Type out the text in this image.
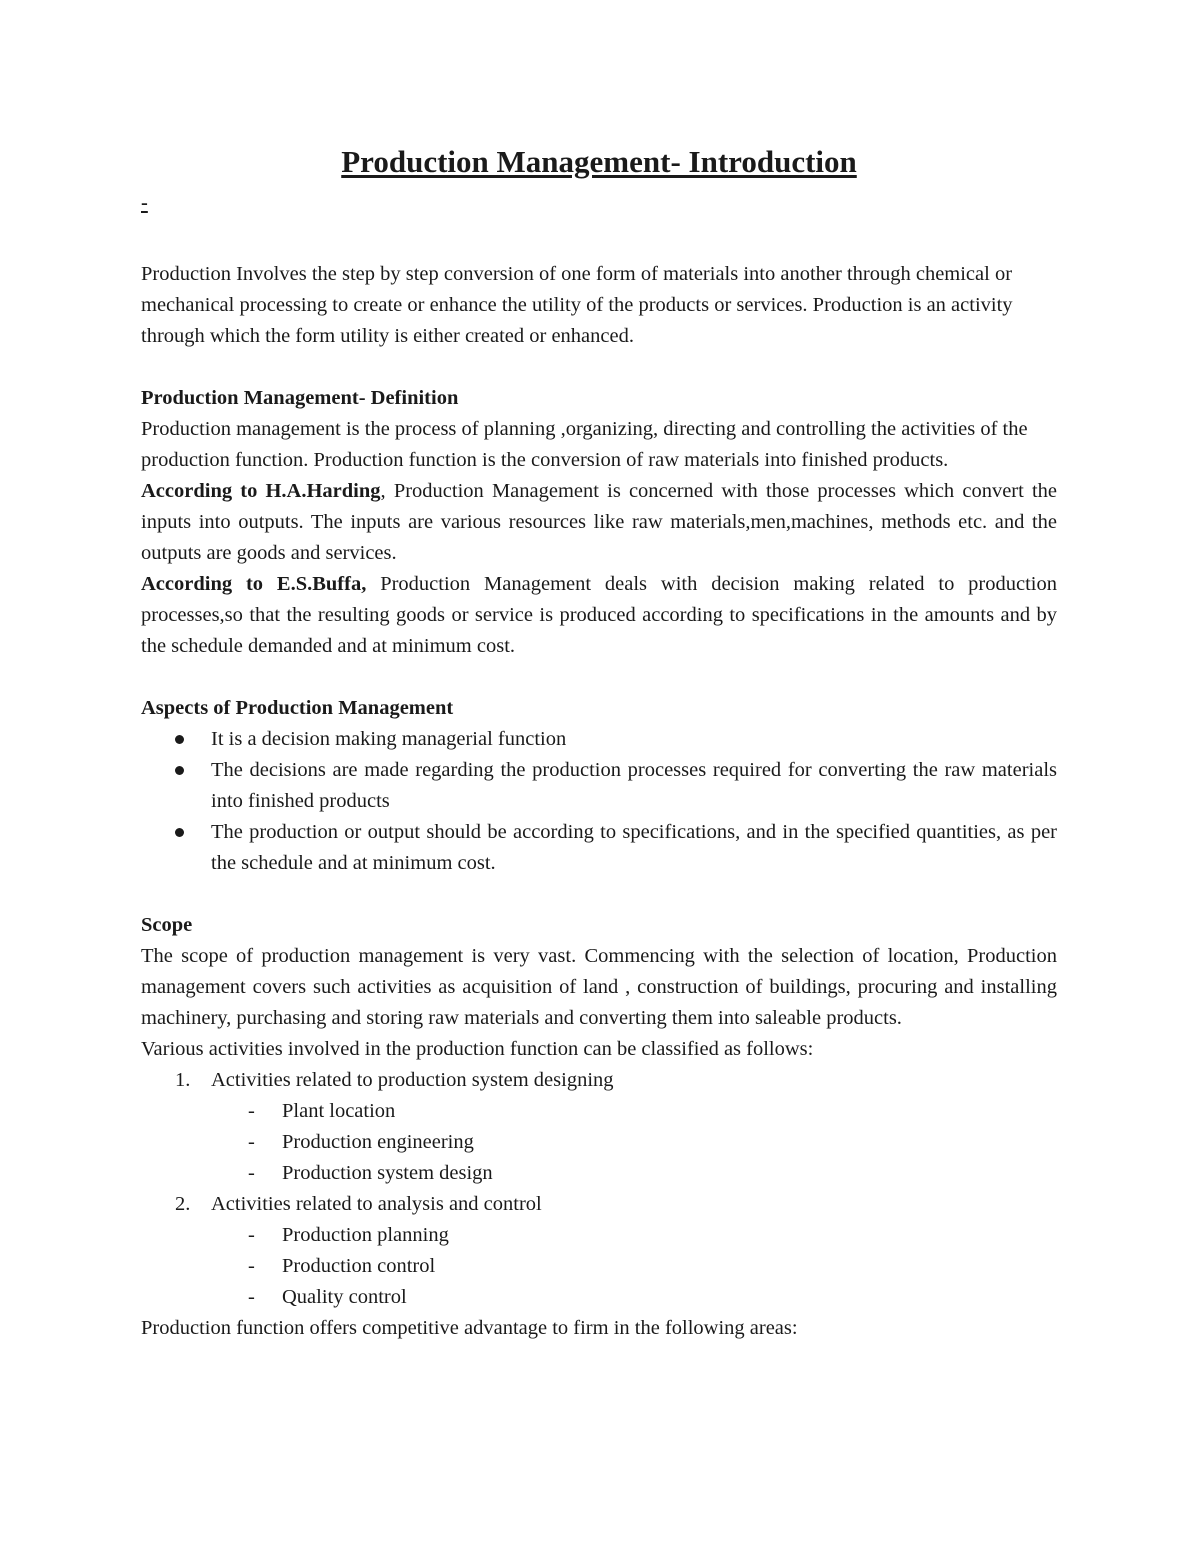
Production Management- Introduction
-

Production Involves the step by step conversion of one form of materials into another through chemical or mechanical processing to create or enhance the utility of the products or services. Production is an activity through which the form utility is either created or enhanced.

Production Management- Definition

Production management is the process of planning ,organizing, directing and controlling the activities of the production function. Production function is the conversion of raw materials into finished products.

According to H.A.Harding, Production Management is concerned with those processes which convert the inputs into outputs. The inputs are various resources like raw materials,men,machines, methods etc. and the outputs are goods and services.

According to E.S.Buffa, Production Management deals with decision making related to production processes,so that the resulting goods or service is produced according to specifications in the amounts and by the schedule demanded and at minimum cost.

Aspects of Production Management

It is a decision making managerial function
The decisions are made regarding the production processes required for converting the raw materials into finished products
The production or output should be according to specifications, and in the specified quantities, as per the schedule and at minimum cost.

Scope

The scope of production management is very vast. Commencing with the selection of location, Production management covers such activities as acquisition of land , construction of buildings, procuring and installing machinery, purchasing and storing raw materials and converting them into saleable products.

Various activities involved in the production function can be classified as follows:

1. Activities related to production system designing
- Plant location
- Production engineering
- Production system design
2. Activities related to analysis and control
- Production planning
- Production control
- Quality control

Production function offers competitive advantage to firm in the following areas:
